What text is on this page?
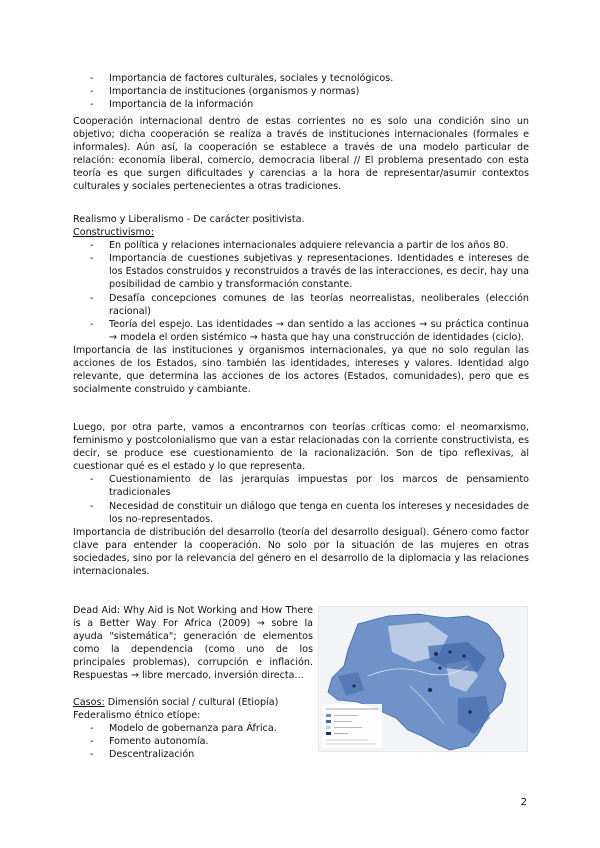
- Importancia de factores culturales, sociales y tecnológicos.
- Importancia de instituciones (organismos y normas)
- Importancia de la información
Cooperación internacional dentro de estas corrientes no es solo una condición sino un objetivo; dicha cooperación se realiza a través de instituciones internacionales (formales e informales). Aún así, la cooperación se establece a través de una modelo particular de relación: economía liberal, comercio, democracia liberal // El problema presentado con esta teoría es que surgen dificultades y carencias a la hora de representar/asumir contextos culturales y sociales pertenecientes a otras tradiciones.
Realismo y Liberalismo - De carácter positivista.
Constructivismo:
- En política y relaciones internacionales adquiere relevancia a partir de los años 80.
- Importancia de cuestiones subjetivas y representaciones. Identidades e intereses de los Estados construidos y reconstruidos a través de las interacciones, es decir, hay una posibilidad de cambio y transformación constante.
- Desafía concepciones comunes de las teorías neorrealistas, neoliberales (elección racional)
- Teoría del espejo. Las identidades → dan sentido a las acciones → su práctica continua → modela el orden sistémico → hasta que hay una construcción de identidades (ciclo).
Importancia de las instituciones y organismos internacionales, ya que no solo regulan las acciones de los Estados, sino también las identidades, intereses y valores. Identidad algo relevante, que determina las acciones de los actores (Estados, comunidades), pero que es socialmente construido y cambiante.
Luego, por otra parte, vamos a encontrarnos con teorías críticas como: el neomarxismo, feminismo y postcolonialismo que van a estar relacionadas con la corriente constructivista, es decir, se produce ese cuestionamiento de la racionalización. Son de tipo reflexivas, al cuestionar qué es el estado y lo que representa.
- Cuestionamiento de las jerarquías impuestas por los marcos de pensamiento tradicionales
- Necesidad de constituir un diálogo que tenga en cuenta los intereses y necesidades de los no-representados.
Importancia de distribución del desarrollo (teoría del desarrollo desigual). Género como factor clave para entender la cooperación. No solo por la situación de las mujeres en otras sociedades, sino por la relevancia del género en el desarrollo de la diplomacia y las relaciones internacionales.
Dead Aid: Why Aid is Not Working and How There is a Better Way For Africa (2009) → sobre la ayuda "sistemática"; generación de elementos como la dependencia (como uno de los principales problemas), corrupción e inflación. Respuestas → libre mercado, inversión directa...
Casos: Dimensión social / cultural (Etiopía)
Federalismo étnico etíope:
- Modelo de gobernanza para África.
- Fomento autonomía.
- Descentralización
2
